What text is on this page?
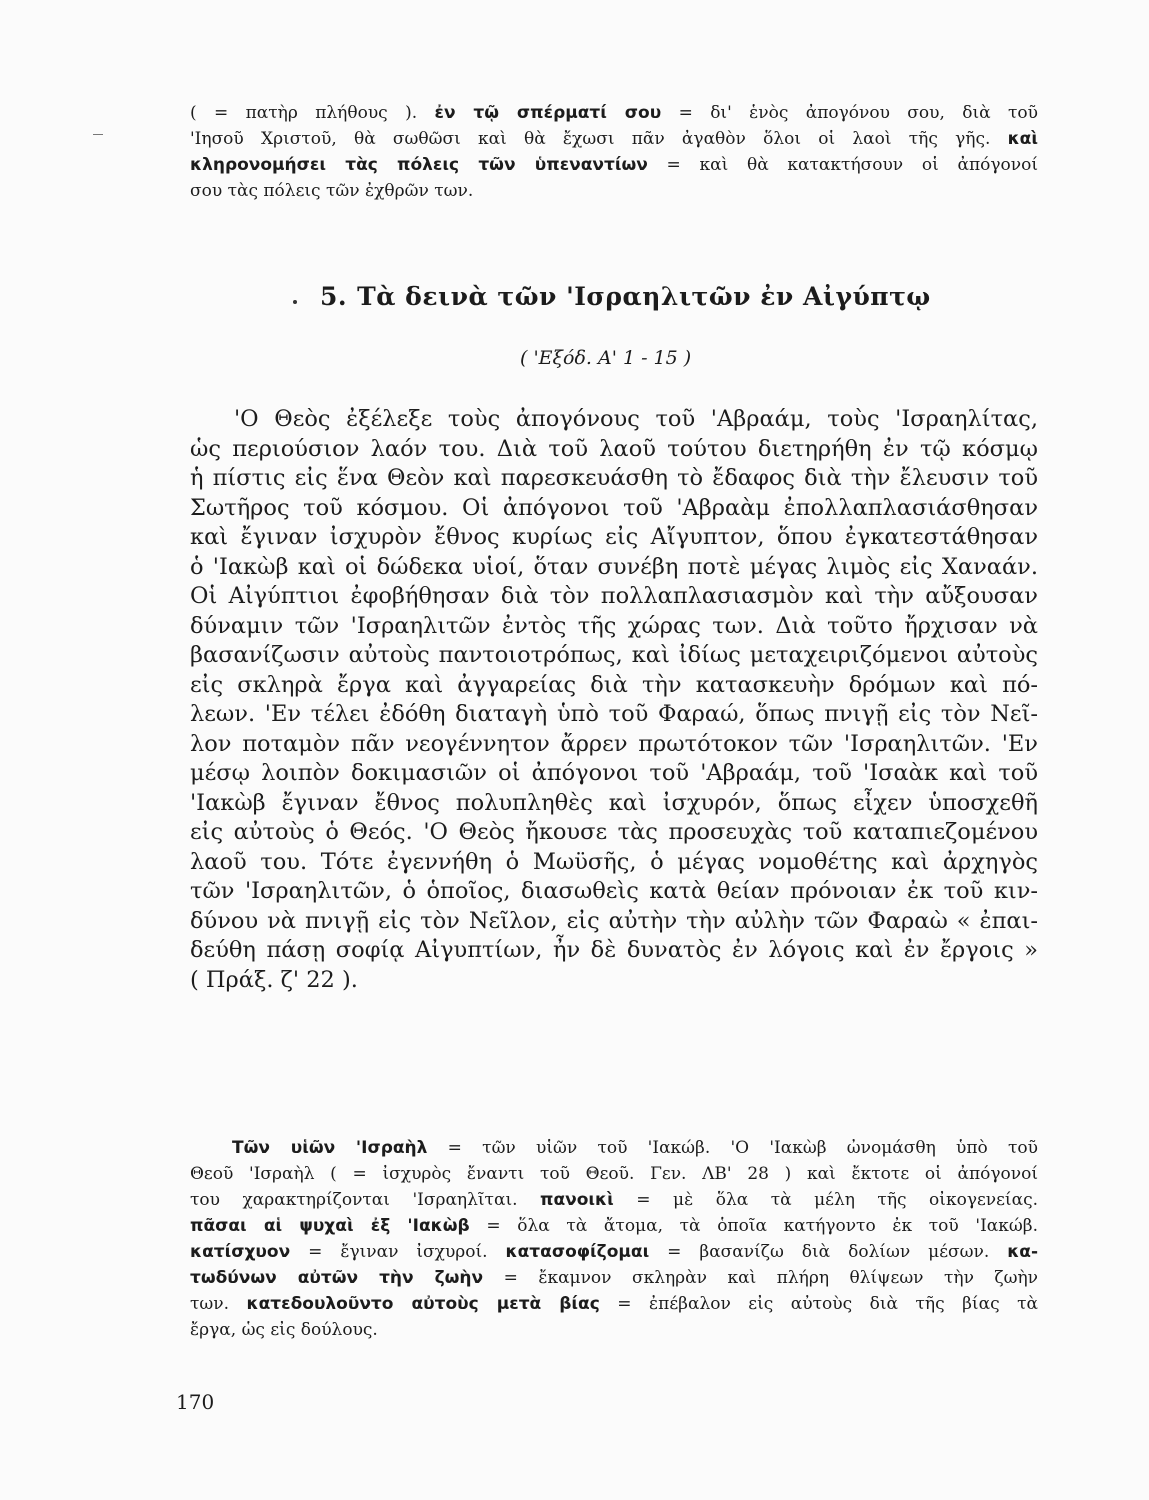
( = πατὴρ πλήθους ). ἐν τῷ σπέρματί σου = δι' ἑνὸς ἀπογόνου σου, διὰ τοῦ
'Ιησοῦ Χριστοῦ, θὰ σωθῶσι καὶ θὰ ἔχωσι πᾶν ἀγαθὸν ὅλοι οἱ λαοὶ τῆς γῆς. καὶ
κληρονομήσει τὰς πόλεις τῶν ὑπεναντίων = καὶ θὰ κατακτήσουν οἱ ἀπόγονοί
σου τὰς πόλεις τῶν ἐχθρῶν των.
5. Τὰ δεινὰ τῶν 'Ισραηλιτῶν ἐν Αἰγύπτῳ
( 'Εξόδ. Α' 1 - 15 )
'Ο Θεὸς ἐξέλεξε τοὺς ἀπογόνους τοῦ 'Αβραάμ, τοὺς 'Ισραηλίτας,
ὡς περιούσιον λαόν του. Διὰ τοῦ λαοῦ τούτου διετηρήθη ἐν τῷ κόσμῳ
ἡ πίστις εἰς ἕνα Θεὸν καὶ παρεσκευάσθη τὸ ἔδαφος διὰ τὴν ἔλευσιν τοῦ
Σωτῆρος τοῦ κόσμου. Οἱ ἀπόγονοι τοῦ 'Αβραὰμ ἐπολλαπλασιάσθησαν
καὶ ἔγιναν ἰσχυρὸν ἔθνος κυρίως εἰς Αἴγυπτον, ὅπου ἐγκατεστάθησαν
ὁ 'Ιακὼβ καὶ οἱ δώδεκα υἱοί, ὅταν συνέβη ποτὲ μέγας λιμὸς εἰς Χαναάν.
Οἱ Αἰγύπτιοι ἐφοβήθησαν διὰ τὸν πολλαπλασιασμὸν καὶ τὴν αὔξουσαν
δύναμιν τῶν 'Ισραηλιτῶν ἐντὸς τῆς χώρας των. Διὰ τοῦτο ἤρχισαν νὰ
βασανίζωσιν αὐτοὺς παντοιοτρόπως, καὶ ἰδίως μεταχειριζόμενοι αὐτοὺς
εἰς σκληρὰ ἔργα καὶ ἀγγαρείας διὰ τὴν κατασκευὴν δρόμων καὶ πό-
λεων. 'Εν τέλει ἐδόθη διαταγὴ ὑπὸ τοῦ Φαραώ, ὅπως πνιγῇ εἰς τὸν Νεῖ-
λον ποταμὸν πᾶν νεογέννητον ἄρρεν πρωτότοκον τῶν 'Ισραηλιτῶν. 'Εν
μέσῳ λοιπὸν δοκιμασιῶν οἱ ἀπόγονοι τοῦ 'Αβραάμ, τοῦ 'Ισαὰκ καὶ τοῦ
'Ιακὼβ ἔγιναν ἔθνος πολυπληθὲς καὶ ἰσχυρόν, ὅπως εἶχεν ὑποσχεθῆ
εἰς αὐτοὺς ὁ Θεός. 'Ο Θεὸς ἤκουσε τὰς προσευχὰς τοῦ καταπιεζομένου
λαοῦ του. Τότε ἐγεννήθη ὁ Μωϋσῆς, ὁ μέγας νομοθέτης καὶ ἀρχηγὸς
τῶν 'Ισραηλιτῶν, ὁ ὁποῖος, διασωθεὶς κατὰ θείαν πρόνοιαν ἐκ τοῦ κιν-
δύνου νὰ πνιγῇ εἰς τὸν Νεῖλον, εἰς αὐτὴν τὴν αὐλὴν τῶν Φαραὼ « ἐπαι-
δεύθη πάσῃ σοφίᾳ Αἰγυπτίων, ἦν δὲ δυνατὸς ἐν λόγοις καὶ ἐν ἔργοις »
( Πράξ. ζ' 22 ).
Τῶν υἱῶν 'Ισραὴλ = τῶν υἱῶν τοῦ 'Ιακώβ. 'Ο 'Ιακὼβ ὠνομάσθη ὑπὸ τοῦ
Θεοῦ 'Ισραὴλ ( = ἰσχυρὸς ἔναντι τοῦ Θεοῦ. Γεν. ΛΒ' 28 ) καὶ ἔκτοτε οἱ ἀπόγονοί
του χαρακτηρίζονται 'Ισραηλῖται. πανοικὶ = μὲ ὅλα τὰ μέλη τῆς οἰκογενείας.
πᾶσαι αἱ ψυχαὶ ἐξ 'Ιακὼβ = ὅλα τὰ ἄτομα, τὰ ὁποῖα κατήγοντο ἐκ τοῦ 'Ιακώβ.
κατίσχυον = ἔγιναν ἰσχυροί. κατασοφίζομαι = βασανίζω διὰ δολίων μέσων. κα-
τωδύνων αὐτῶν τὴν ζωὴν = ἔκαμνον σκληρὰν καὶ πλήρη θλίψεων τὴν ζωὴν
των. κατεδουλοῦντο αὐτοὺς μετὰ βίας = ἐπέβαλον εἰς αὐτοὺς διὰ τῆς βίας τὰ
ἔργα, ὡς εἰς δούλους.
170
